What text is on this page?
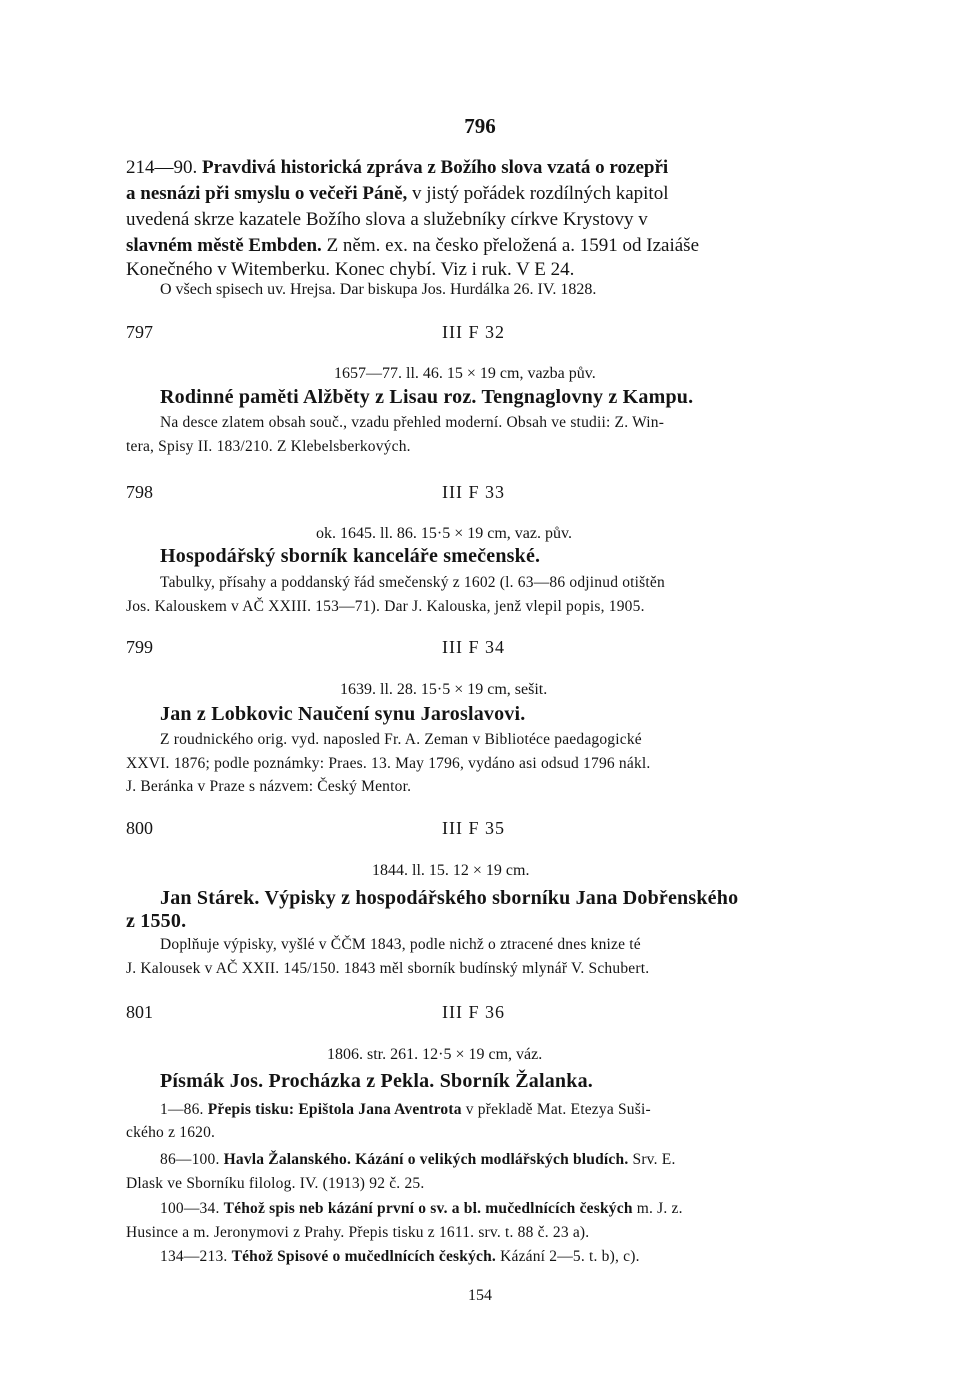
796

214—90. Pravdivá historická zpráva z Božího slova vzatá o rozepři

a nesnázi při smyslu o večeři Páně, v jistý pořádek rozdílných kapitol

uvedená skrze kazatele Božího slova a služebníky církve Krystovy v

slavném městě Embden. Z něm. ex. na česko přeložená a. 1591 od Izaiáše

Konečného v Witemberku. Konec chybí. Viz i ruk. V E 24.

O všech spisech uv. Hrejsa. Dar biskupa Jos. Hurdálka 26. IV. 1828.

797	III F 32

1657—77. ll. 46. 15 × 19 cm, vazba pův.

Rodinné paměti Alžběty z Lisau roz. Tengnaglovny z Kampu.

Na desce zlatem obsah souč., vzadu přehled moderní. Obsah ve studii: Z. Win-

tera, Spisy II. 183/210. Z Klebelsberkových.

798	III F 33

ok. 1645. ll. 86. 15·5 × 19 cm, vaz. pův.

Hospodářský sborník kanceláře smečenské.

Tabulky, přísahy a poddanský řád smečenský z 1602 (l. 63—86 odjinud otištěn

Jos. Kalouskem v AČ XXIII. 153—71). Dar J. Kalouska, jenž vlepil popis, 1905.

799	III F 34

1639. ll. 28. 15·5 × 19 cm, sešit.

Jan z Lobkovic Naučení synu Jaroslavovi.

Z roudnického orig. vyd. naposled Fr. A. Zeman v Bibliotéce paedagogické

XXVI. 1876; podle poznámky: Praes. 13. May 1796, vydáno asi odsud 1796 nákl.

J. Beránka v Praze s názvem: Český Mentor.

800	III F 35

1844. ll. 15. 12 × 19 cm.

Jan Stárek. Výpisky z hospodářského sborníku Jana Dobřenského

z 1550.

Doplňuje výpisky, vyšlé v ČČM 1843, podle nichž o ztracené dnes knize té

J. Kalousek v AČ XXII. 145/150. 1843 měl sborník budínský mlynář V. Schubert.

801	III F 36

1806. str. 261. 12·5 × 19 cm, váz.

Písmák Jos. Procházka z Pekla. Sborník Žalanka.

1—86. Přepis tisku: Epištola Jana Aventrota v překladě Mat. Etezya Suši-

ckého z 1620.

86—100. Havla Žalanského. Kázání o velikých modlářských bludích. Srv. E.

Dlask ve Sborníku filolog. IV. (1913) 92 č. 25.

100—34. Téhož spis neb kázání první o sv. a bl. mučedlnících českých m. J. z.

Husince a m. Jeronymovi z Prahy. Přepis tisku z 1611. srv. t. 88 č. 23 a).

134—213. Téhož Spisové o mučedlnících českých. Kázání 2—5. t. b), c).

154
